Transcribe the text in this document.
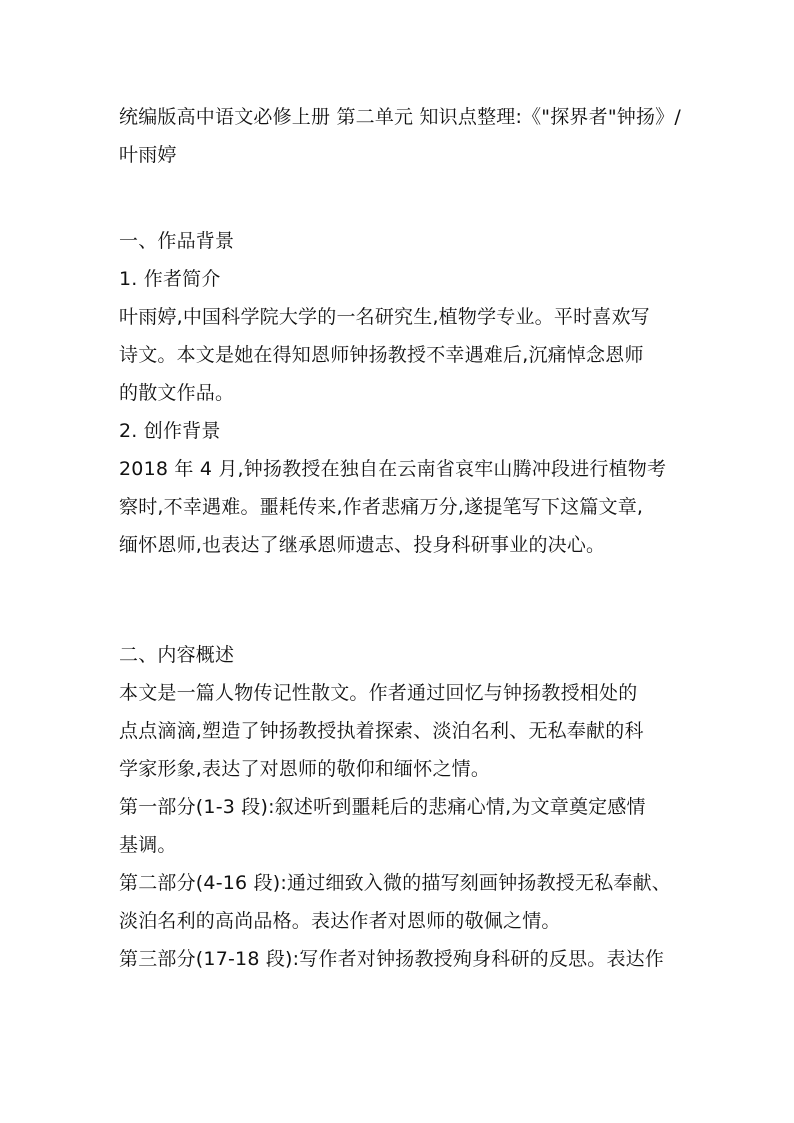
统编版高中语文必修上册 第二单元 知识点整理:《"探界者"钟扬》/
叶雨婷
一、作品背景
1. 作者简介
叶雨婷,中国科学院大学的一名研究生,植物学专业。平时喜欢写
诗文。本文是她在得知恩师钟扬教授不幸遇难后,沉痛悼念恩师
的散文作品。
2. 创作背景
2018 年 4 月,钟扬教授在独自在云南省哀牢山腾冲段进行植物考
察时,不幸遇难。噩耗传来,作者悲痛万分,遂提笔写下这篇文章,
缅怀恩师,也表达了继承恩师遗志、投身科研事业的决心。
二、内容概述
本文是一篇人物传记性散文。作者通过回忆与钟扬教授相处的
点点滴滴,塑造了钟扬教授执着探索、淡泊名利、无私奉献的科
学家形象,表达了对恩师的敬仰和缅怀之情。
第一部分(1-3 段):叙述听到噩耗后的悲痛心情,为文章奠定感情
基调。
第二部分(4-16 段):通过细致入微的描写刻画钟扬教授无私奉献、
淡泊名利的高尚品格。表达作者对恩师的敬佩之情。
第三部分(17-18 段):写作者对钟扬教授殉身科研的反思。表达作
